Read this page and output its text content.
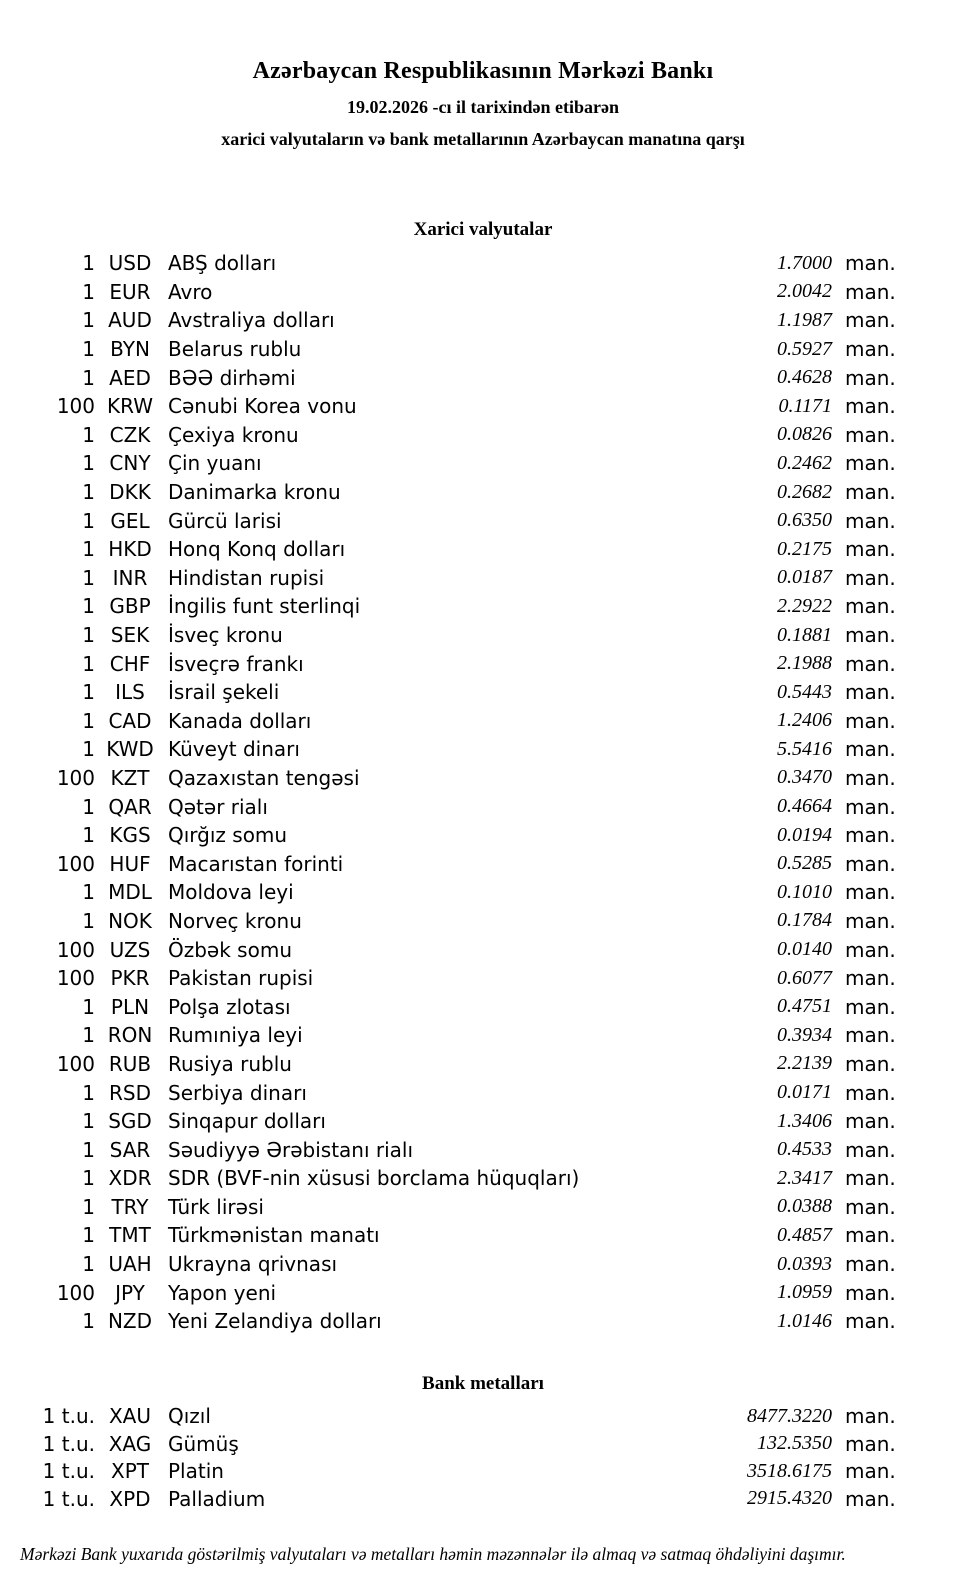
Azərbaycan Respublikasının Mərkəzi Bankı
19.02.2026 -cı il tarixindən etibarən
xarici valyutaların və bank metallarının Azərbaycan manatına qarşı
Xarici valyutalar
1 USD ABŞ dolları	1.7000 man.
1 EUR Avro	2.0042 man.
1 AUD Avstraliya dolları	1.1987 man.
1 BYN Belarus rublu	0.5927 man.
1 AED BƏƏ dirhəmi	0.4628 man.
100 KRW Cənubi Korea vonu	0.1171 man.
1 CZK Çexiya kronu	0.0826 man.
1 CNY Çin yuanı	0.2462 man.
1 DKK Danimarka kronu	0.2682 man.
1 GEL Gürcü larisi	0.6350 man.
1 HKD Honq Konq dolları	0.2175 man.
1 INR	Hindistan rupisi	0.0187 man.
1 GBP İngilis funt sterlinqi	2.2922 man.
1 SEK İsveç kronu	0.1881 man.
1 CHF İsveçrə frankı	2.1988 man.
1	ILS	İsrail şekeli	0.5443 man.
1 CAD Kanada dolları	1.2406 man.
1 KWD Küveyt dinarı	5.5416 man.
100 KZT Qazaxıstan tengəsi	0.3470 man.
1 QAR Qətər rialı	0.4664 man.
1 KGS Qırğız somu	0.0194 man.
100 HUF Macarıstan forinti	0.5285 man.
1 MDL Moldova leyi	0.1010 man.
1 NOK Norveç kronu	0.1784 man.
100 UZS Özbək somu	0.0140 man.
100 PKR Pakistan rupisi	0.6077 man.
1 PLN Polşa zlotası	0.4751 man.
1 RON Rumıniya leyi	0.3934 man.
100 RUB Rusiya rublu	2.2139 man.
1 RSD Serbiya dinarı	0.0171 man.
1 SGD Sinqapur dolları	1.3406 man.
1 SAR Səudiyyə Ərəbistanı rialı	0.4533 man.
1 XDR SDR (BVF-nin xüsusi borclama hüquqları)	2.3417 man.
1 TRY Türk lirəsi	0.0388 man.
1 TMT Türkmənistan manatı	0.4857 man.
1 UAH Ukrayna qrivnası	0.0393 man.
100	JPY	Yapon yeni	1.0959 man.
1 NZD Yeni Zelandiya dolları	1.0146 man.
Bank metalları
1 t.u. XAU Qızıl	8477.3220 man.
1 t.u. XAG Gümüş	132.5350 man.
1 t.u. XPT Platin	3518.6175 man.
1 t.u. XPD Palladium	2915.4320 man.
Mərkəzi Bank yuxarıda göstərilmiş valyutaları və metalları həmin məzənnələr ilə almaq və satmaq öhdəliyini daşımır.
